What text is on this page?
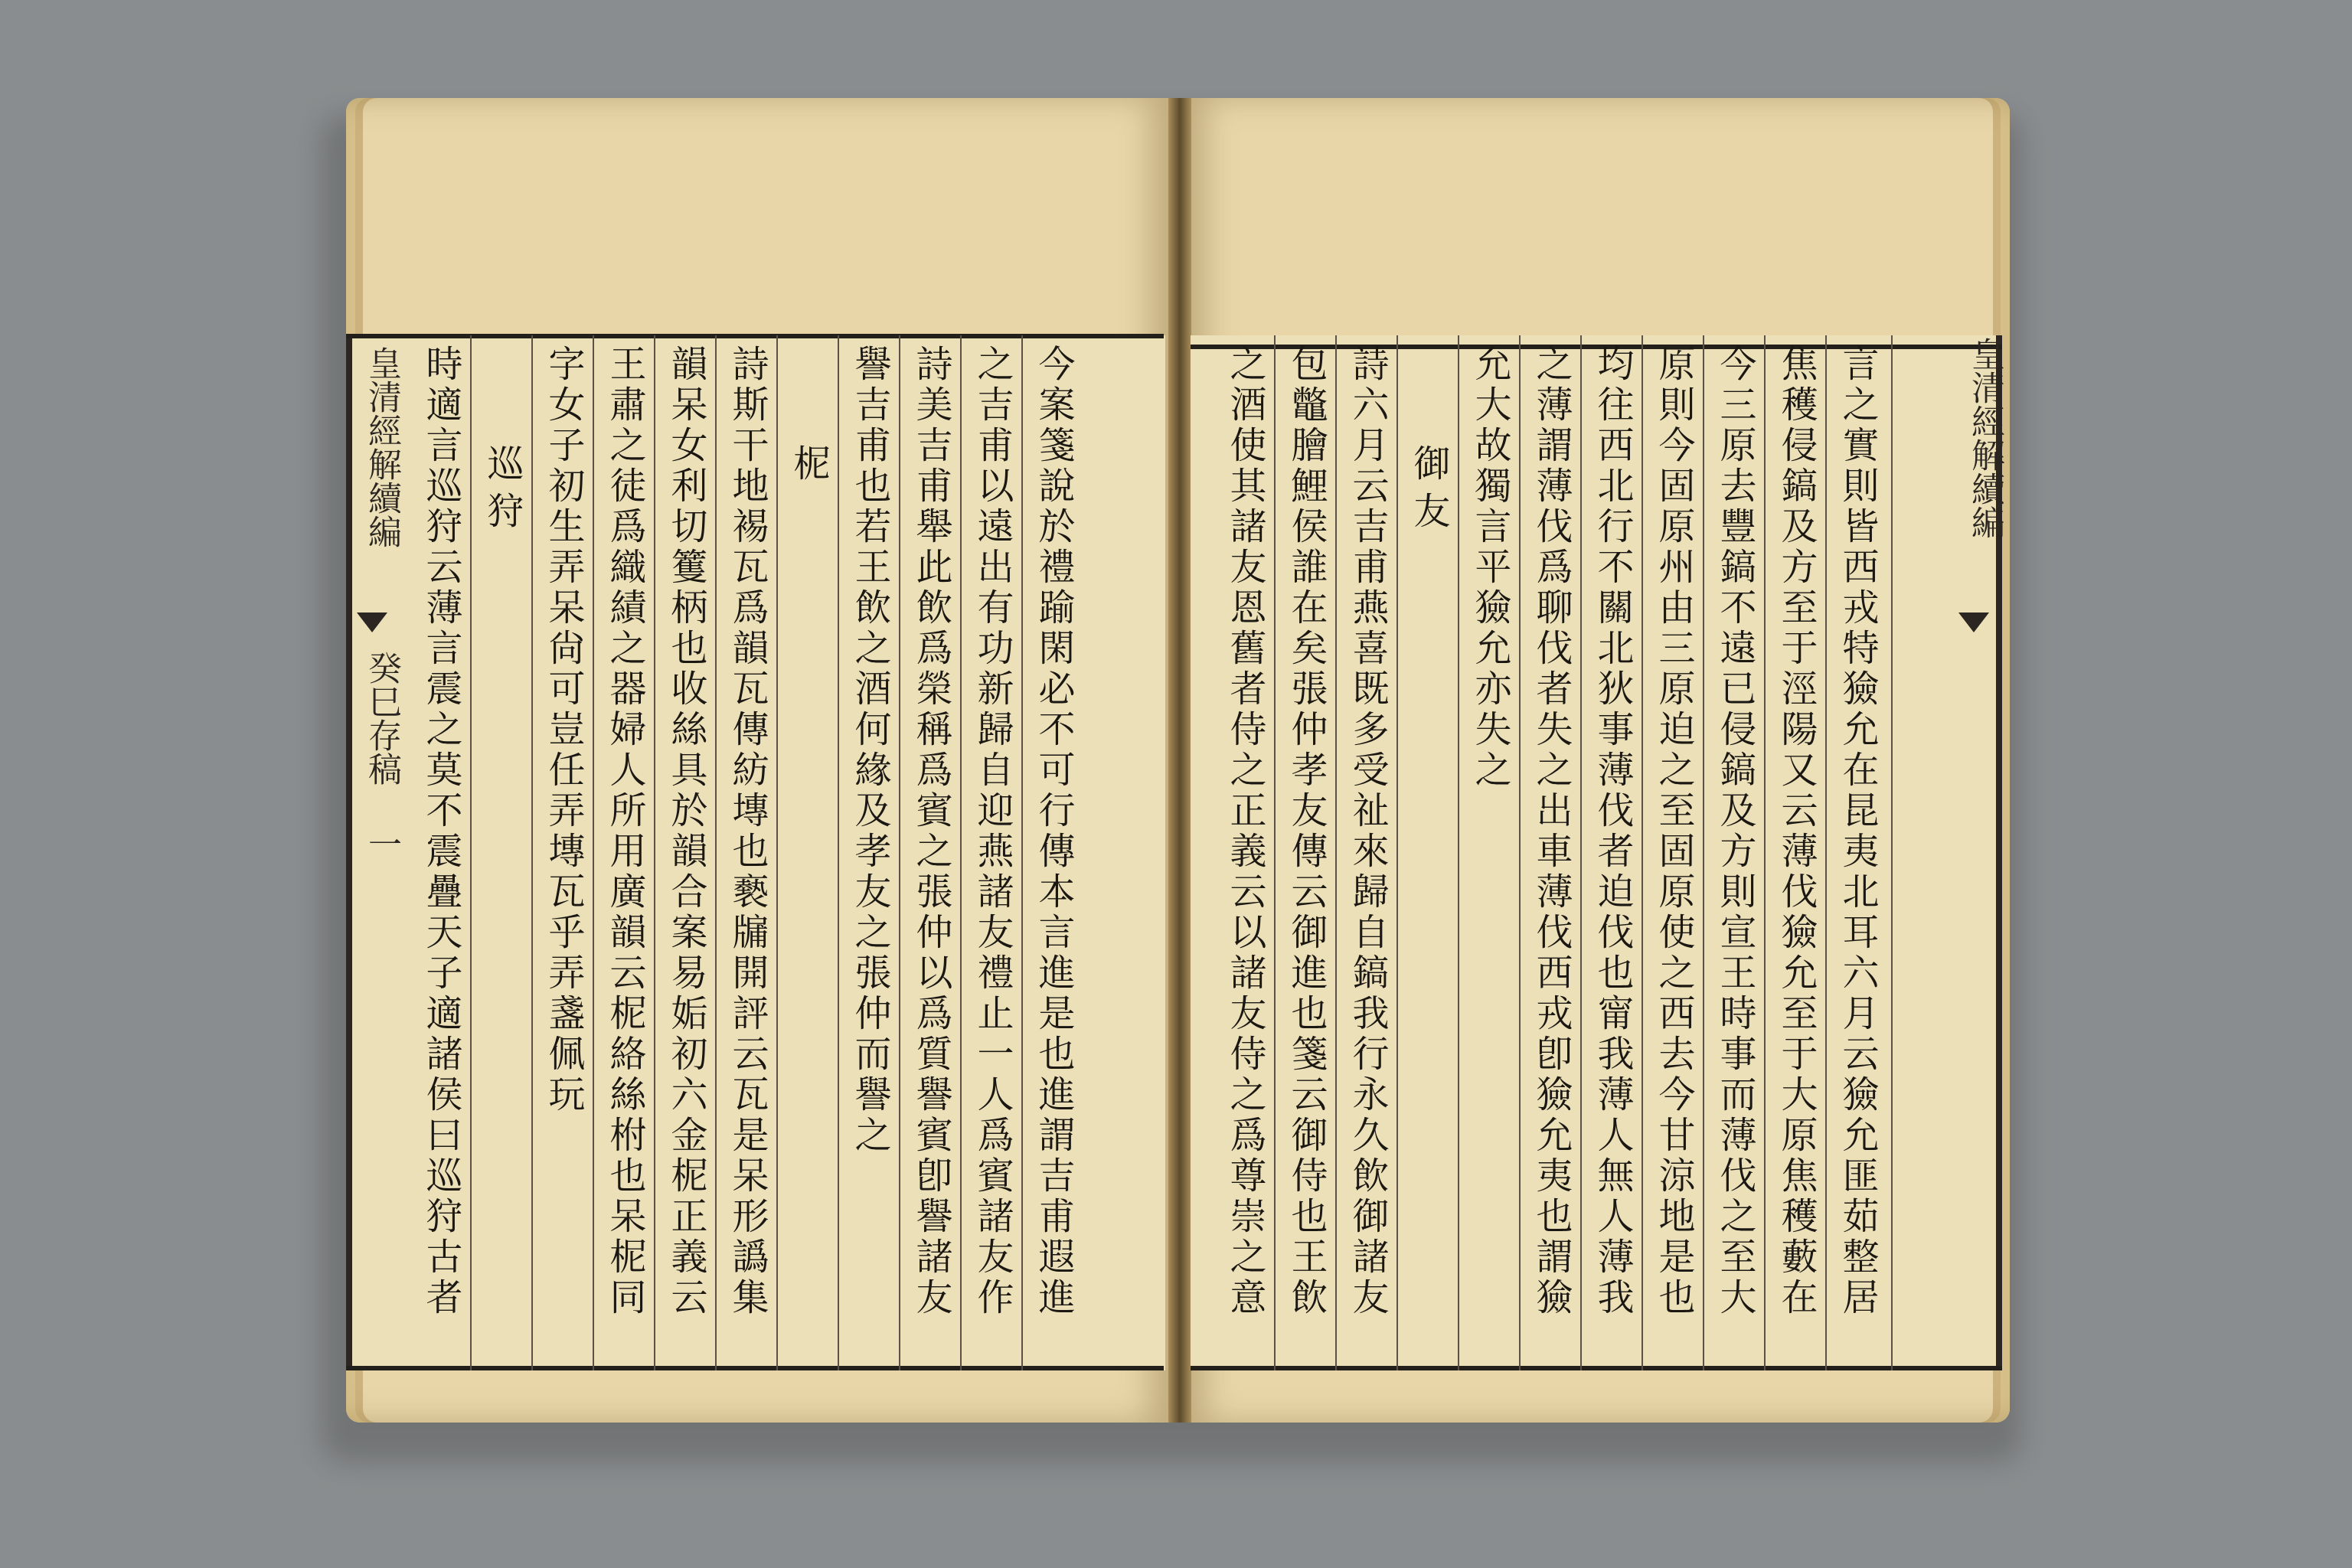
皇清經解續編
癸巳存稿
一
皇清經解續編
時適言巡狩云薄言震之莫不震疊天子適諸侯曰巡狩古者 巡狩 字女子初生弄呆尙可豈任弄塼瓦乎弄盞佩玩 王肅之徒爲織績之器婦人所用廣韻云柅絡絲柎也呆柅同 韻呆女利切籆柄也收絲具於韻合案易姤初六金柅正義云 詩斯干地裼瓦爲韻瓦傳紡塼也褻牖開評云瓦是呆形譌集 柅 譽吉甫也若王飲之酒何緣及孝友之張仲而譽之 詩美吉甫舉此飲爲榮稱爲賓之張仲以爲質譽賓卽譽諸友 之吉甫以遠出有功新歸自迎燕諸友禮止一人爲賓諸友作 今案箋說於禮踰閑必不可行傳本言進是也進謂吉甫遐進	之酒使其諸友恩舊者侍之正義云以諸友侍之爲尊崇之意 包鼈膾鯉侯誰在矣張仲孝友傳云御進也箋云御侍也王飲 詩六月云吉甫燕喜既多受祉來歸自鎬我行永久飲御諸友 御友 允大故獨言平獫允亦失之 之薄謂薄伐爲聊伐者失之出車薄伐西戎卽獫允夷也謂獫 均往西北行不關北狄事薄伐者迫伐也甯我薄人無人薄我 原則今固原州由三原迫之至固原使之西去今甘涼地是也 今三原去豐鎬不遠已侵鎬及方則宣王時事而薄伐之至大 焦穫侵鎬及方至于涇陽又云薄伐獫允至于大原焦穫藪在 言之實則皆西戎特獫允在昆夷北耳六月云獫允匪茹整居
